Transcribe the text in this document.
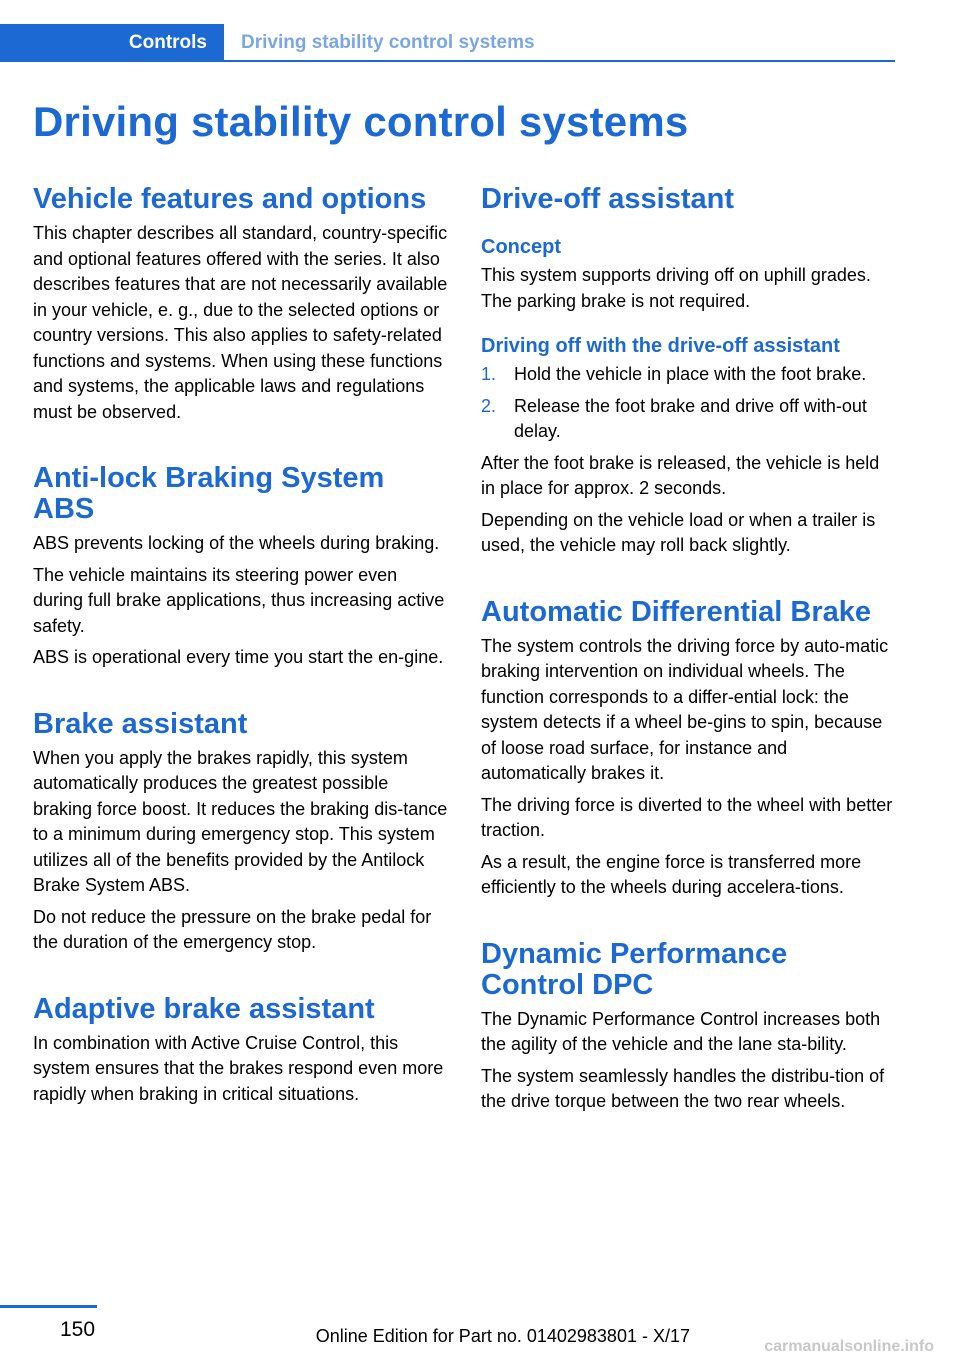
Controls	Driving stability control systems
Driving stability control systems
Vehicle features and options

This chapter describes all standard, country-specific and optional features offered with the series. It also describes features that are not necessarily available in your vehicle, e. g., due to the selected options or country versions. This also applies to safety-related functions and systems. When using these functions and systems, the applicable laws and regulations must be observed.

Anti-lock Braking System ABS

ABS prevents locking of the wheels during braking.

The vehicle maintains its steering power even during full brake applications, thus increasing active safety.

ABS is operational every time you start the en‐gine.

Brake assistant

When you apply the brakes rapidly, this system automatically produces the greatest possible braking force boost. It reduces the braking dis‐tance to a minimum during emergency stop. This system utilizes all of the benefits provided by the Antilock Brake System ABS.

Do not reduce the pressure on the brake pedal for the duration of the emergency stop.

Adaptive brake assistant

In combination with Active Cruise Control, this system ensures that the brakes respond even more rapidly when braking in critical situations.

Drive-off assistant
Concept

This system supports driving off on uphill grades. The parking brake is not required.

Driving off with the drive-off assistant
1. Hold the vehicle in place with the foot brake.
2. Release the foot brake and drive off with‐out delay.

After the foot brake is released, the vehicle is held in place for approx. 2 seconds.

Depending on the vehicle load or when a trailer is used, the vehicle may roll back slightly.

Automatic Differential Brake

The system controls the driving force by auto‐matic braking intervention on individual wheels. The function corresponds to a differ‐ential lock: the system detects if a wheel be‐gins to spin, because of loose road surface, for instance and automatically brakes it.

The driving force is diverted to the wheel with better traction.

As a result, the engine force is transferred more efficiently to the wheels during accelera‐tions.

Dynamic Performance Control DPC

The Dynamic Performance Control increases both the agility of the vehicle and the lane sta‐bility.

The system seamlessly handles the distribu‐tion of the drive torque between the two rear wheels.

150	Online Edition for Part no. 01402983801 - X/17
carmanualsonline.info
